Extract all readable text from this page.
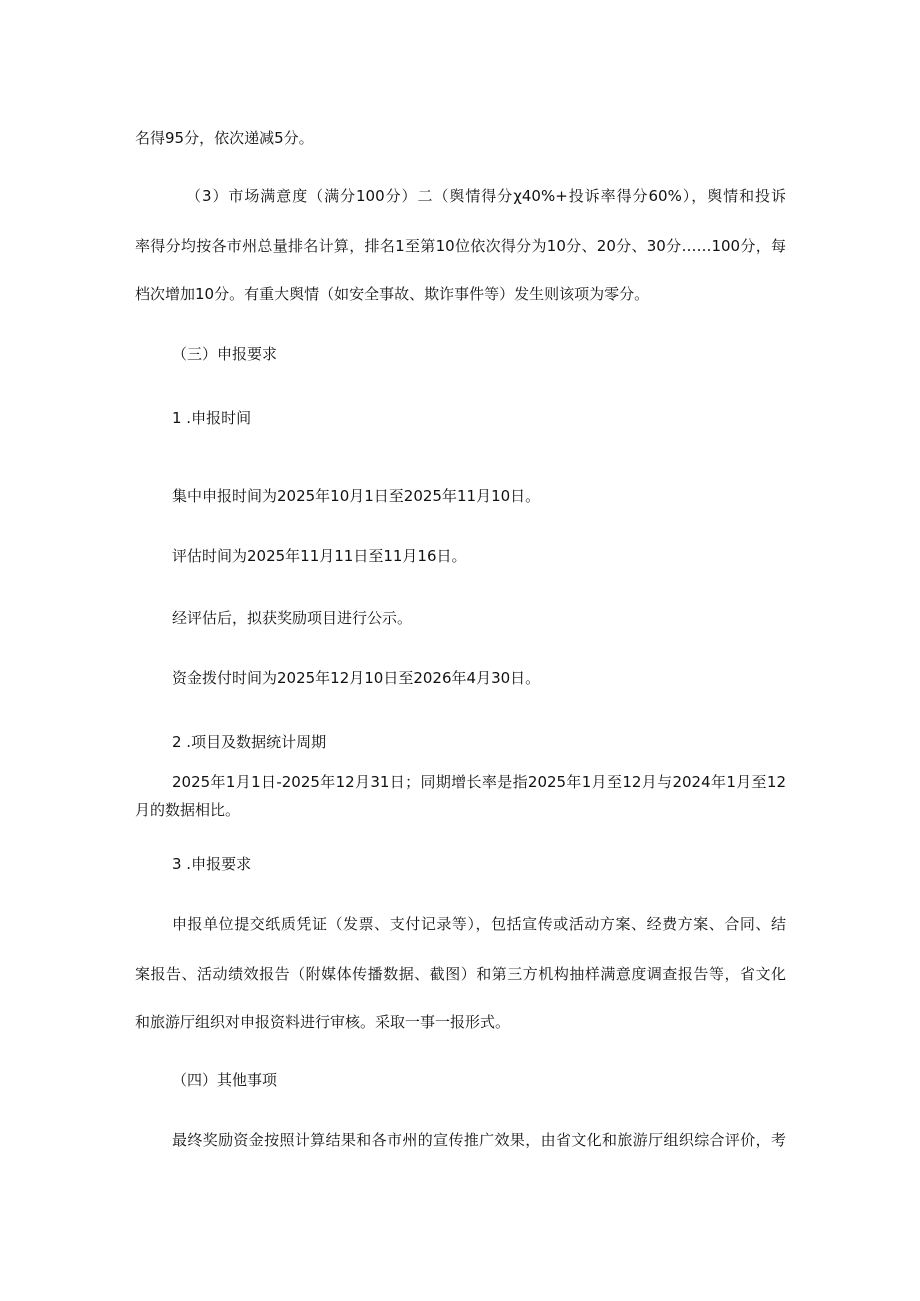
名得95分，依次递减5分。
（3）市场满意度（满分100分）二（舆情得分χ40%+投诉率得分60%），舆情和投诉
率得分均按各市州总量排名计算，排名1至第10位依次得分为10分、20分、30分……100分，每
档次增加10分。有重大舆情（如安全事故、欺诈事件等）发生则该项为零分。
（三）申报要求
1 .申报时间
集中申报时间为2025年10月1日至2025年11月10日。
评估时间为2025年11月11日至11月16日。
经评估后，拟获奖励项目进行公示。
资金拨付时间为2025年12月10日至2026年4月30日。
2 .项目及数据统计周期
2025年1月1日-2025年12月31日；同期增长率是指2025年1月至12月与2024年1月至12
月的数据相比。
3 .申报要求
申报单位提交纸质凭证（发票、支付记录等），包括宣传或活动方案、经费方案、合同、结
案报告、活动绩效报告（附媒体传播数据、截图）和第三方机构抽样满意度调查报告等，省文化
和旅游厅组织对申报资料进行审核。采取一事一报形式。
（四）其他事项
最终奖励资金按照计算结果和各市州的宣传推广效果，由省文化和旅游厅组织综合评价，考
